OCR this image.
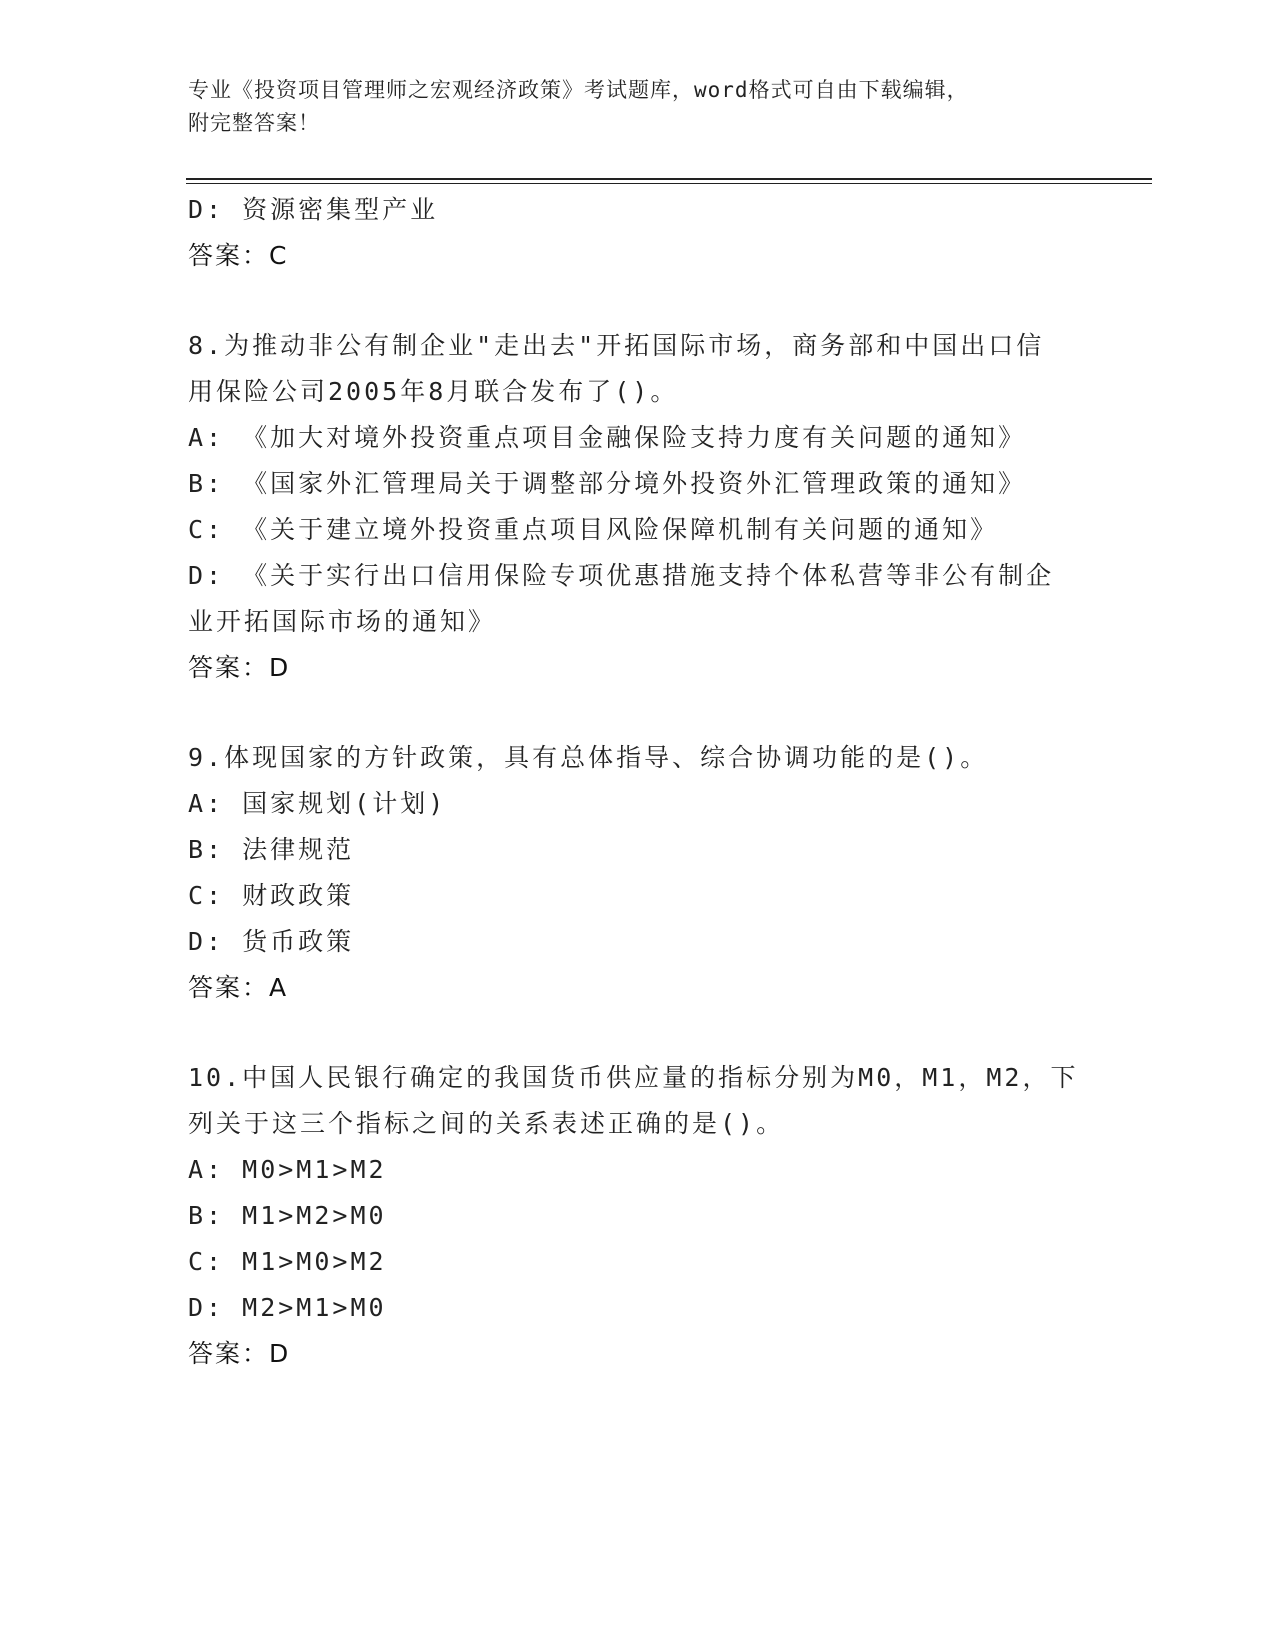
专业《投资项目管理师之宏观经济政策》考试题库，word格式可自由下载编辑，
附完整答案！
D: 资源密集型产业
答案：C
8.为推动非公有制企业"走出去"开拓国际市场，商务部和中国出口信
用保险公司2005年8月联合发布了()。
A: 《加大对境外投资重点项目金融保险支持力度有关问题的通知》
B: 《国家外汇管理局关于调整部分境外投资外汇管理政策的通知》
C: 《关于建立境外投资重点项目风险保障机制有关问题的通知》
D: 《关于实行出口信用保险专项优惠措施支持个体私营等非公有制企
业开拓国际市场的通知》
答案：D
9.体现国家的方针政策，具有总体指导、综合协调功能的是()。
A: 国家规划(计划)
B: 法律规范
C: 财政政策
D: 货币政策
答案：A
10.中国人民银行确定的我国货币供应量的指标分别为M0，M1，M2，下
列关于这三个指标之间的关系表述正确的是()。
A: M0>M1>M2
B: M1>M2>M0
C: M1>M0>M2
D: M2>M1>M0
答案：D
